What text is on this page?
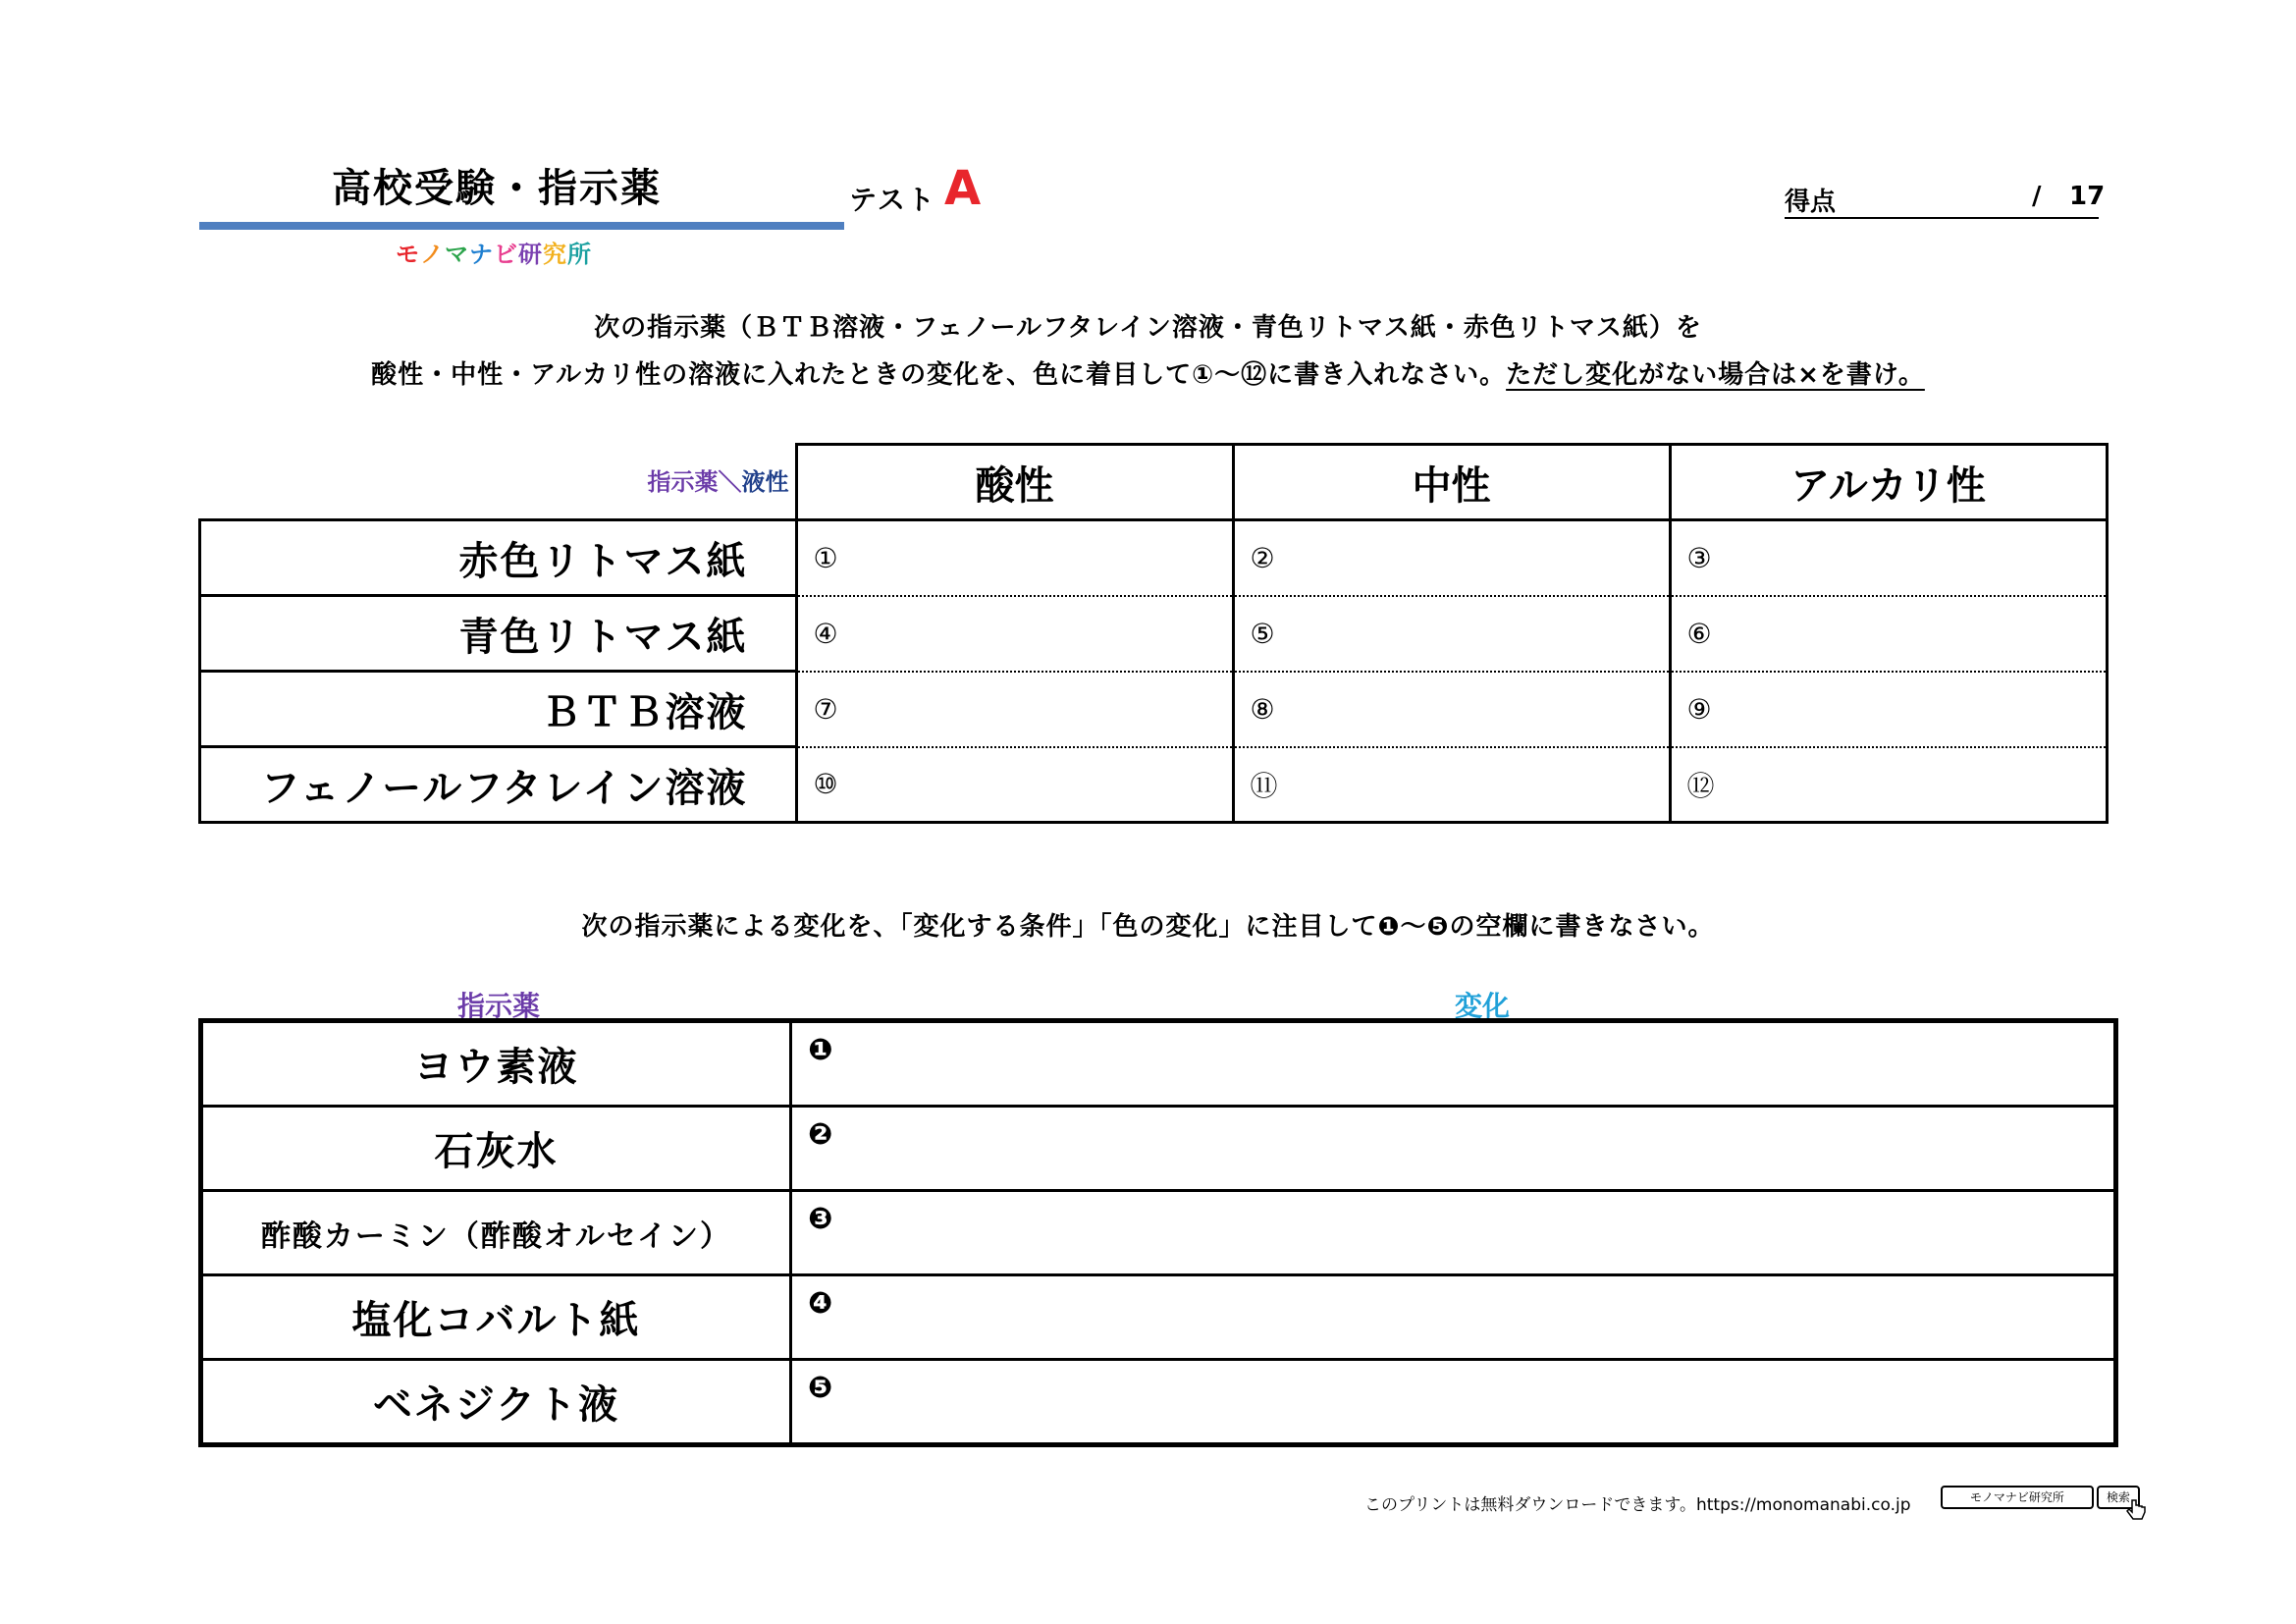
高校受験・指示薬
モノマナビ研究所
テスト A	得点	/ 17
次の指示薬（ＢＴＢ溶液・フェノールフタレイン溶液・青色リトマス紙・赤色リトマス紙）を
酸性・中性・アルカリ性の溶液に入れたときの変化を、色に着目して①～⑫に書き入れなさい。ただし変化がない場合は×を書け。
指示薬＼液性	酸性	中性	アルカリ性
赤色リトマス紙	①	②	③
青色リトマス紙	④	⑤	⑥
ＢＴＢ溶液	⑦	⑧	⑨
フェノールフタレイン溶液	⑩	⑪	⑫
次の指示薬による変化を、「変化する条件」「色の変化」に注目して❶～❺の空欄に書きなさい。
指示薬	変化
ヨウ素液	❶
石灰水	❷
酢酸カーミン（酢酸オルセイン）	❸
塩化コバルト紙	❹
ベネジクト液	❺
このプリントは無料ダウンロードできます。https://monomanabi.co.jp	モノマナビ研究所	検索
